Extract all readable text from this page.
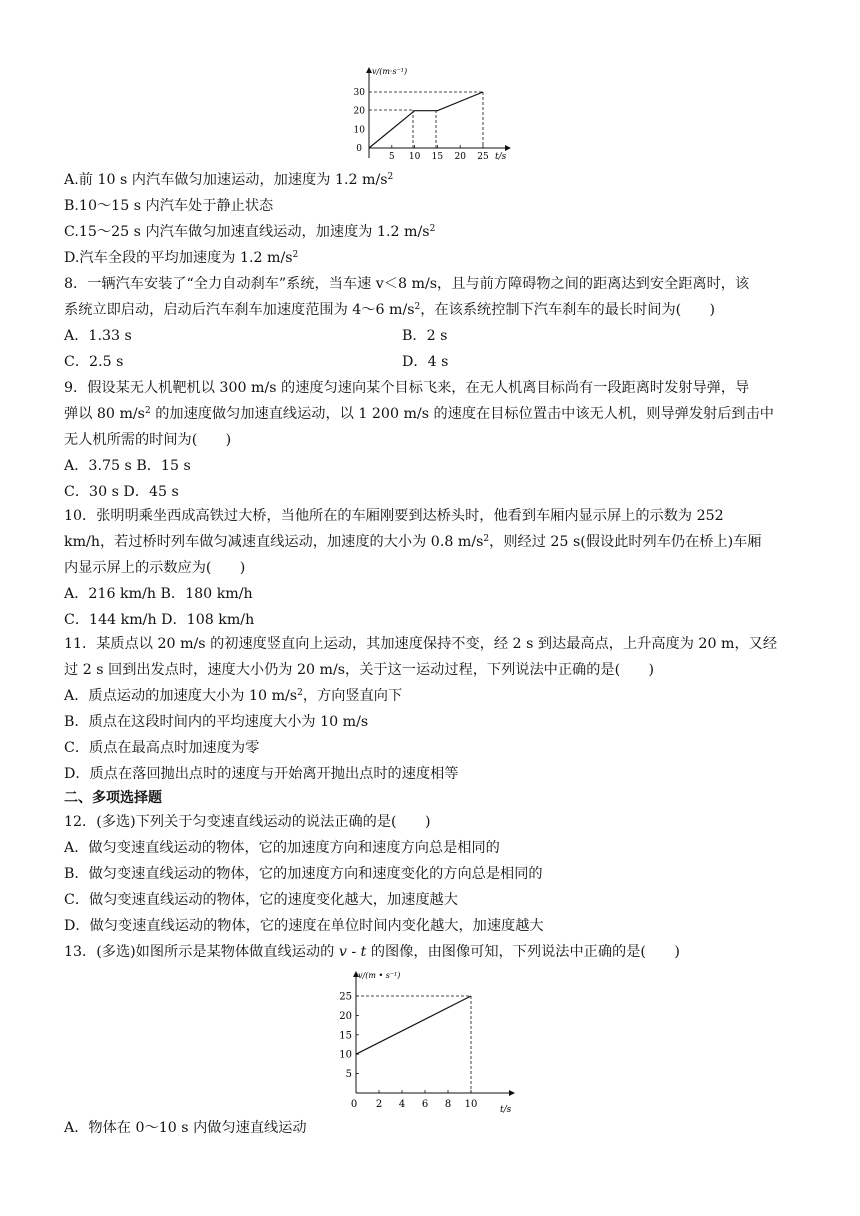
v/(m·s⁻¹)
t/s
5 10 15 20 25
0
10
20
30
A.前 10 s 内汽车做匀加速运动，加速度为 1.2 $m/s^2$
B.10～15 s 内汽车处于静止状态
C.15～25 s 内汽车做匀加速直线运动，加速度为 1.2 $m/s^2$
D.汽车全段的平均加速度为 1.2 $m/s^2$
8．一辆汽车安装了“全力自动刹车”系统，当车速 v＜8 m/s，且与前方障碍物之间的距离达到安全距离时，该
系统立即启动，启动后汽车刹车加速度范围为 4～6 $m/s^2$，在该系统控制下汽车刹车的最长时间为(　　)
A．1.33 s	B．2 s
C．2.5 s	D．4 s
9．假设某无人机靶机以 300 m/s 的速度匀速向某个目标飞来，在无人机离目标尚有一段距离时发射导弹，导
弹以 80 $m/s^2$ 的加速度做匀加速直线运动，以 1 200 m/s 的速度在目标位置击中该无人机，则导弹发射后到击中
无人机所需的时间为(　　)
A．3.75 s B．15 s
C．30 s D．45 s
10．张明明乘坐西成高铁过大桥，当他所在的车厢刚要到达桥头时，他看到车厢内显示屏上的示数为 252
km/h，若过桥时列车做匀减速直线运动，加速度的大小为 0.8 $m/s^2$，则经过 25 s(假设此时列车仍在桥上)车厢
内显示屏上的示数应为(　　)
A．216 km/h B．180 km/h
C．144 km/h D．108 km/h
11．某质点以 20 m/s 的初速度竖直向上运动，其加速度保持不变，经 2 s 到达最高点，上升高度为 20 m，又经
过 2 s 回到出发点时，速度大小仍为 20 m/s，关于这一运动过程，下列说法中正确的是(　　)
A．质点运动的加速度大小为 10 $m/s^2$，方向竖直向下
B．质点在这段时间内的平均速度大小为 10 m/s
C．质点在最高点时加速度为零
D．质点在落回抛出点时的速度与开始离开抛出点时的速度相等
二、多项选择题
12．(多选)下列关于匀变速直线运动的说法正确的是(　　)
A．做匀变速直线运动的物体，它的加速度方向和速度方向总是相同的
B．做匀变速直线运动的物体，它的加速度方向和速度变化的方向总是相同的
C．做匀变速直线运动的物体，它的速度变化越大，加速度越大
D．做匀变速直线运动的物体，它的速度在单位时间内变化越大，加速度越大
13．(多选)如图所示是某物体做直线运动的 v - t 的图像，由图像可知，下列说法中正确的是(　　)
v/(m • s⁻¹)
t/s
0 2 4 6 8 10
5
10
15
20
25
A．物体在 0～10 s 内做匀速直线运动
